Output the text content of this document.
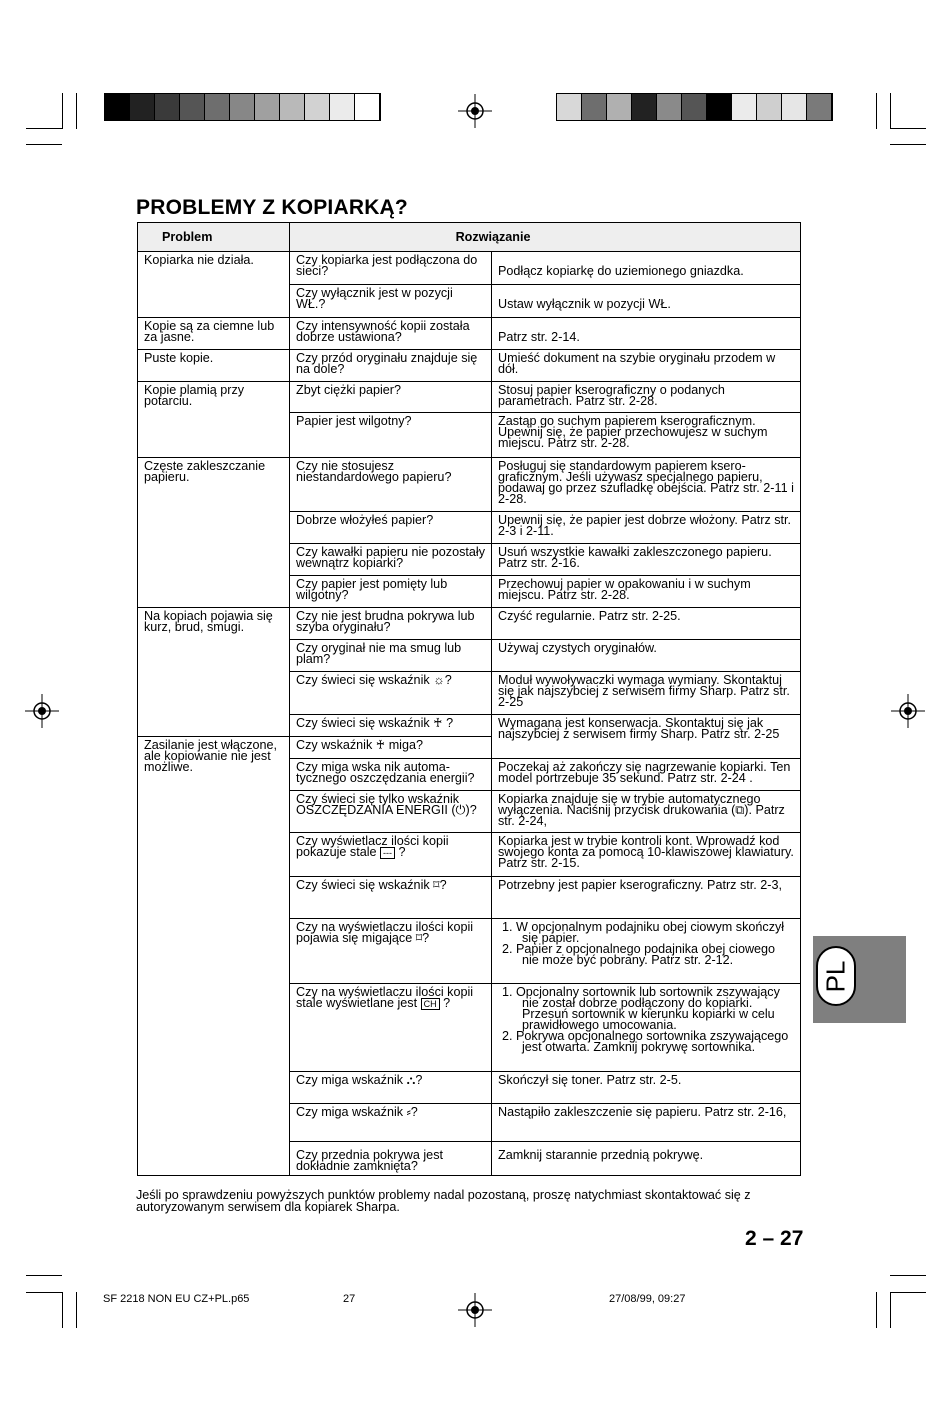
PROBLEMY Z KOPIARKĄ?
Problem	Rozwiązanie	
Kopiarka nie działa.	Czy kopiarka jest podłączona do sieci?	Podłącz kopiarkę do uziemionego gniazdka.
	Czy wyłącznik jest w pozycji WŁ.?	Ustaw wyłącznik w pozycji WŁ.
Kopie są za ciemne lub za jasne.	Czy intensywność kopii została dobrze ustawiona?	Patrz str. 2-14.
Puste kopie.	Czy przód oryginału znajduje się na dole?	Umieść dokument na szybie oryginału przodem w dół.
Kopie plamią przy potarciu.	Zbyt ciężki papier?	Stosuj papier kserograficzny o podanych parametrach. Patrz str. 2-28.
	Papier jest wilgotny?	Zastąp go suchym papierem kserograficznym. Upewnij się, że papier przechowujesz w suchym miejscu. Patrz str. 2-28.
Częste zakleszczanie papieru.	Czy nie stosujesz niestandardowego papieru?	Posługuj się standardowym papierem ksero-graficznym. Jeśli używasz specjalnego papieru, podawaj go przez szufladkę obejścia. Patrz str. 2-11 i 2-28.
	Dobrze włożyłeś papier?	Upewnij się, że papier jest dobrze włożony. Patrz str. 2-3 i 2-11.
	Czy kawałki papieru nie pozostały wewnątrz kopiarki?	Usuń wszystkie kawałki zakleszczonego papieru. Patrz str. 2-16.
	Czy papier jest pomięty lub wilgotny?	Przechowuj papier w opakowaniu i w suchym miejscu. Patrz str. 2-28.
Na kopiach pojawia się kurz, brud, smugi.	Czy nie jest brudna pokrywa lub szyba oryginału?	Czyść regularnie. Patrz str. 2-25.
	Czy oryginał nie ma smug lub plam?	Używaj czystych oryginałów.
	Czy świeci się wskaźnik ☼?	Moduł wywoływaczki wymaga wymiany. Skontaktuj się jak najszybciej z serwisem firmy Sharp. Patrz str. 2-25
	Czy świeci się wskaźnik ♰ ?	Wymagana jest konserwacja. Skontaktuj się jak najszybciej z serwisem firmy Sharp. Patrz str. 2-25
Zasilanie jest włączone, ale kopiowanie nie jest możliwe.	Czy wskaźnik ♰ miga?	
	Czy miga wska nik automa-tycznego oszczędzania energii?	Poczekaj aż zakończy się nagrzewanie kopiarki. Ten model portrzebuje 35 sekund. Patrz str. 2-24 .
	Czy świeci się tylko wskaźnik OSZCZĘDZANIA ENERGII (⏻)?	Kopiarka znajduje się w trybie automatycznego wyłączenia. Naciśnij przycisk drukowania (⧉). Patrz str. 2-24,
	Czy wyświetlacz ilości kopii pokazuje stale --- ?	Kopiarka jest w trybie kontroli kont. Wprowadź kod swojego konta za pomocą 10-klawiszowej klawiatury. Patrz str. 2-15.
	Czy świeci się wskaźnik ⌑?	Potrzebny jest papier kserograficzny. Patrz str. 2-3,
	Czy na wyświetlaczu ilości kopii pojawia się migające ⌑?	1. W opcjonalnym podajniku obej ciowym skończył się papier.
2. Papier z opcjonalnego podajnika obej ciowego nie może być pobrany. Patrz str. 2-12.

	Czy na wyświetlaczu ilości kopii stale wyświetlane jest CH ?	1. Opcjonalny sortownik lub sortownik zszywający nie został dobrze podłączony do kopiarki. Przesuń sortownik w kierunku kopiarki w celu prawidłowego umocowania.
2. Pokrywa opcjonalnego sortownika zszywającego jest otwarta. Zamknij pokrywę sortownika.

	Czy miga wskaźnik ⛬?	Skończył się toner. Patrz str. 2-5.
	Czy miga wskaźnik ⸗?	Nastąpiło zakleszczenie się papieru. Patrz str. 2-16,
	Czy przednia pokrywa jest dokładnie zamknięta?	Zamknij starannie przednią pokrywę.
Jeśli po sprawdzeniu powyższych punktów problemy nadal pozostaną, proszę natychmiast skontaktować się z autoryzowanym serwisem dla kopiarek Sharpa.
2 – 27
PL
SF 2218 NON EU CZ+PL.p65	27	27/08/99, 09:27
